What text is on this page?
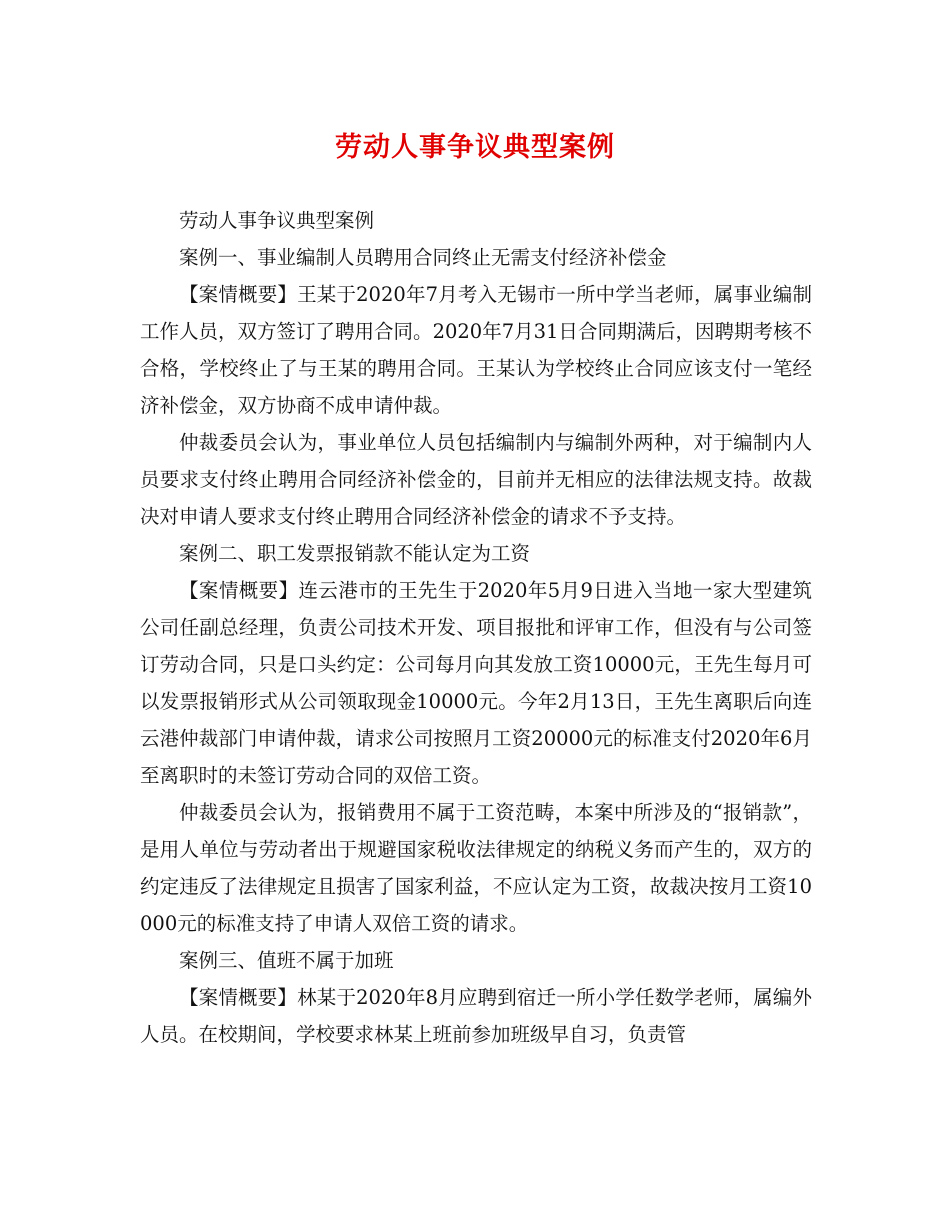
劳动人事争议典型案例

劳动人事争议典型案例

案例一、事业编制人员聘用合同终止无需支付经济补偿金

【案情概要】王某于2020年7月考入无锡市一所中学当老师，属事业编制工作人员，双方签订了聘用合同。2020年7月31日合同期满后，因聘期考核不合格，学校终止了与王某的聘用合同。王某认为学校终止合同应该支付一笔经济补偿金，双方协商不成申请仲裁。

仲裁委员会认为，事业单位人员包括编制内与编制外两种，对于编制内人员要求支付终止聘用合同经济补偿金的，目前并无相应的法律法规支持。故裁决对申请人要求支付终止聘用合同经济补偿金的请求不予支持。

案例二、职工发票报销款不能认定为工资

【案情概要】连云港市的王先生于2020年5月9日进入当地一家大型建筑公司任副总经理，负责公司技术开发、项目报批和评审工作，但没有与公司签订劳动合同，只是口头约定：公司每月向其发放工资10000元，王先生每月可以发票报销形式从公司领取现金10000元。今年2月13日，王先生离职后向连云港仲裁部门申请仲裁，请求公司按照月工资20000元的标准支付2020年6月至离职时的未签订劳动合同的双倍工资。

仲裁委员会认为，报销费用不属于工资范畴，本案中所涉及的“报销款”，是用人单位与劳动者出于规避国家税收法律规定的纳税义务而产生的，双方的约定违反了法律规定且损害了国家利益，不应认定为工资，故裁决按月工资10000元的标准支持了申请人双倍工资的请求。

案例三、值班不属于加班

【案情概要】林某于2020年8月应聘到宿迁一所小学任数学老师，属编外人员。在校期间，学校要求林某上班前参加班级早自习，负责管
